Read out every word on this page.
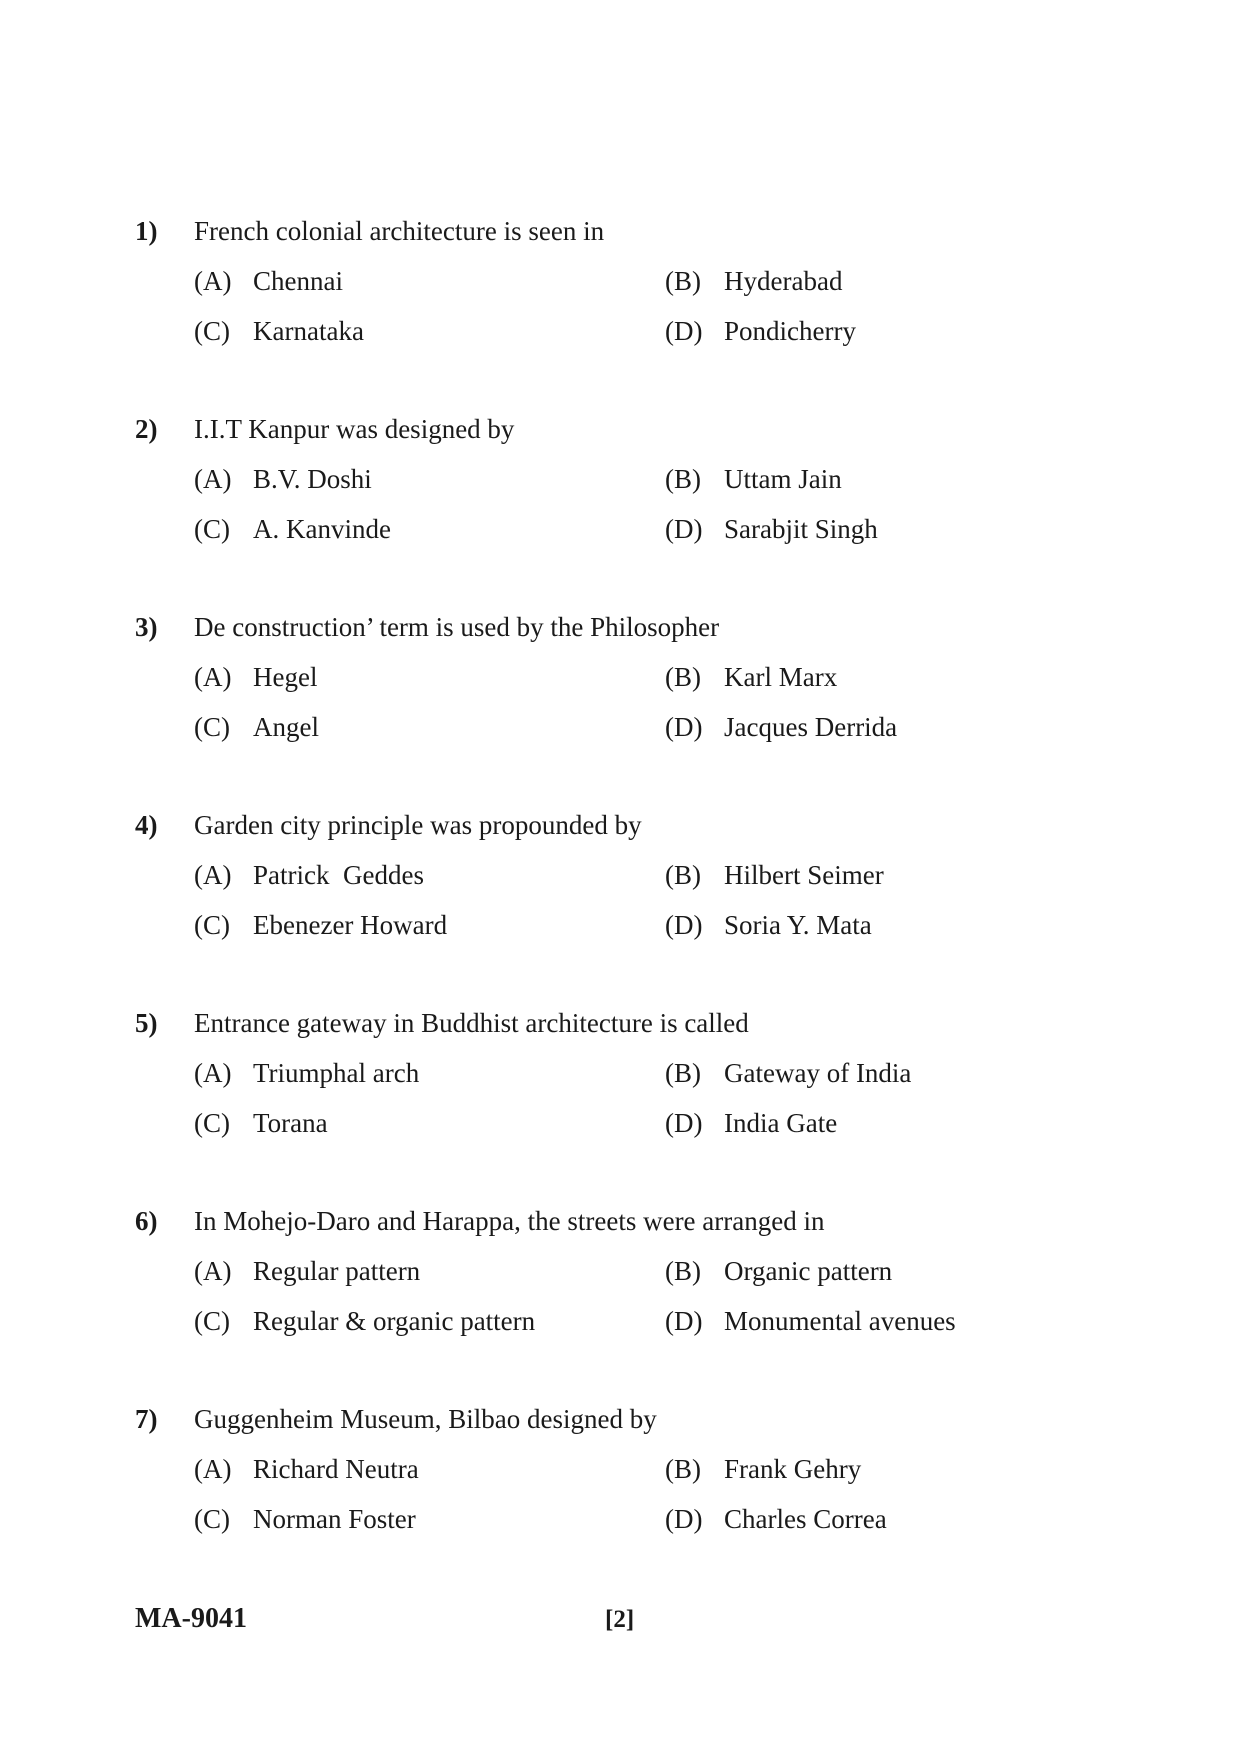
1) French colonial architecture is seen in
(A) Chennai	(B) Hyderabad
(C) Karnataka	(D) Pondicherry
2) I.I.T Kanpur was designed by
(A) B.V. Doshi	(B) Uttam Jain
(C) A. Kanvinde	(D) Sarabjit Singh
3) De construction’ term is used by the Philosopher
(A) Hegel	(B) Karl Marx
(C) Angel	(D) Jacques Derrida
4) Garden city principle was propounded by
(A) Patrick  Geddes	(B) Hilbert Seimer
(C) Ebenezer Howard	(D) Soria Y. Mata
5) Entrance gateway in Buddhist architecture is called
(A) Triumphal arch	(B) Gateway of India
(C) Torana	(D) India Gate
6) In Mohejo-Daro and Harappa, the streets were arranged in
(A) Regular pattern	(B) Organic pattern
(C) Regular & organic pattern	(D) Monumental avenues
7) Guggenheim Museum, Bilbao designed by
(A) Richard Neutra	(B) Frank Gehry
(C) Norman Foster	(D) Charles Correa
MA-9041	[2]
